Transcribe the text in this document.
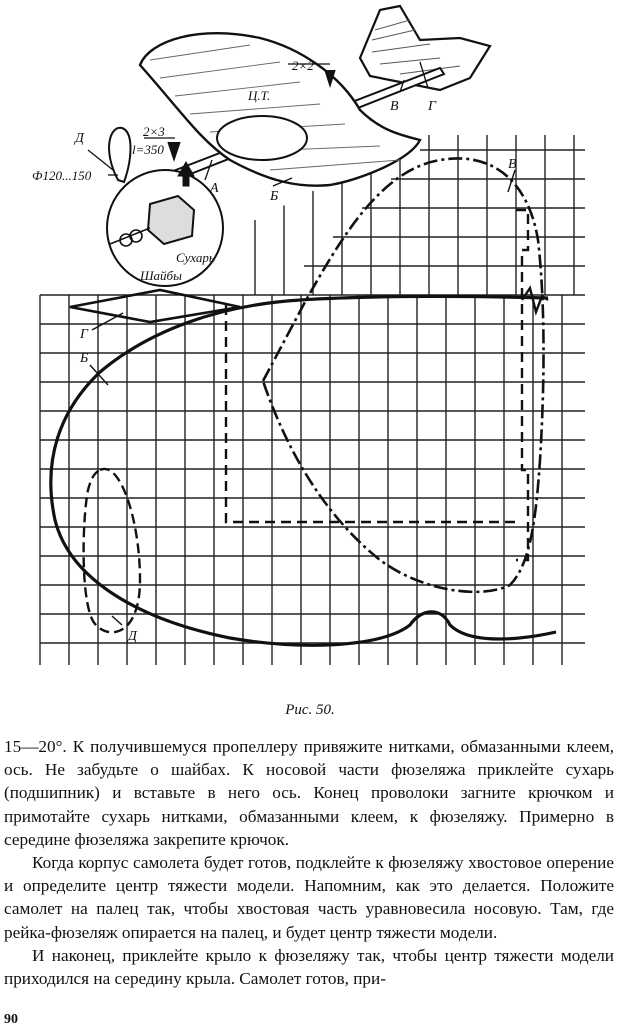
2×2
Ц.Т.
В Г
2×3
Д
l=350
Ф120...150
А
Б
Сухарь
Шайбы
В
Г
Б
Д
Рис. 50.

15—20°. К получившемуся пропеллеру привяжите нитками, обмазанными клеем, ось. Не забудьте о шайбах. К носовой части фюзеляжа приклейте сухарь (подшипник) и вставьте в него ось. Конец проволоки загните крючком и примотайте сухарь нитками, обмазанными клеем, к фюзеляжу. Примерно в середине фюзеляжа закрепите крючок.

Когда корпус самолета будет готов, подклейте к фюзеляжу хвостовое оперение и определите центр тяжести модели. Напомним, как это делается. Положите самолет на палец так, чтобы хвостовая часть уравновесила носовую. Там, где рейка-фюзеляж опирается на палец, и будет центр тяжести модели.

И наконец, приклейте крыло к фюзеляжу так, чтобы центр тяжести модели приходился на середину крыла. Самолет готов, при-

90
